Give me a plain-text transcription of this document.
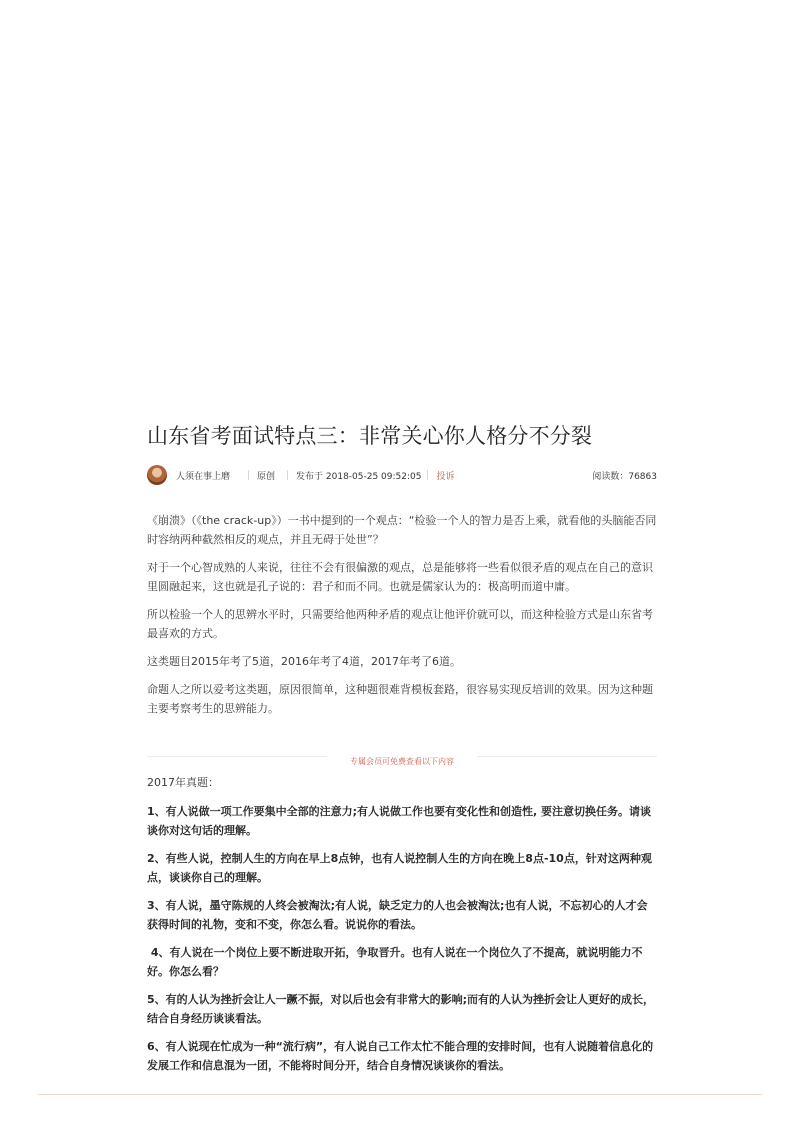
山东省考面试特点三：非常关心你人格分不分裂
人须在事上磨	原创 发布于 2018-05-25 09:52:05 投诉	阅读数：76863

《崩溃》（《the crack-up》）一书中提到的一个观点：“检验一个人的智力是否上乘，就看他的头脑能否同时容纳两种截然相反的观点，并且无碍于处世”？

对于一个心智成熟的人来说，往往不会有很偏激的观点，总是能够将一些看似很矛盾的观点在自己的意识里圆融起来，这也就是孔子说的：君子和而不同。也就是儒家认为的：极高明而道中庸。

所以检验一个人的思辨水平时，只需要给他两种矛盾的观点让他评价就可以，而这种检验方式是山东省考最喜欢的方式。

这类题目2015年考了5道，2016年考了4道，2017年考了6道。

命题人之所以爱考这类题，原因很简单，这种题很难背模板套路，很容易实现反培训的效果。因为这种题主要考察考生的思辨能力。

专属会员可免费查看以下内容
2017年真题：

1、有人说做一项工作要集中全部的注意力;有人说做工作也要有变化性和创造性, 要注意切换任务。请谈谈你对这句话的理解。

2、有些人说，控制人生的方向在早上8点钟，也有人说控制人生的方向在晚上8点-10点，针对这两种观点，谈谈你自己的理解。

3、有人说，墨守陈规的人终会被淘汰;有人说，缺乏定力的人也会被淘汰;也有人说，不忘初心的人才会获得时间的礼物，变和不变，你怎么看。说说你的看法。

4、有人说在一个岗位上要不断进取开拓，争取晋升。也有人说在一个岗位久了不提高，就说明能力不好。你怎么看？

5、有的人认为挫折会让人一蹶不振，对以后也会有非常大的影响;而有的人认为挫折会让人更好的成长，结合自身经历谈谈看法。

6、有人说现在忙成为一种“流行病”，有人说自己工作太忙不能合理的安排时间，也有人说随着信息化的发展工作和信息混为一团，不能将时间分开，结合自身情况谈谈你的看法。
